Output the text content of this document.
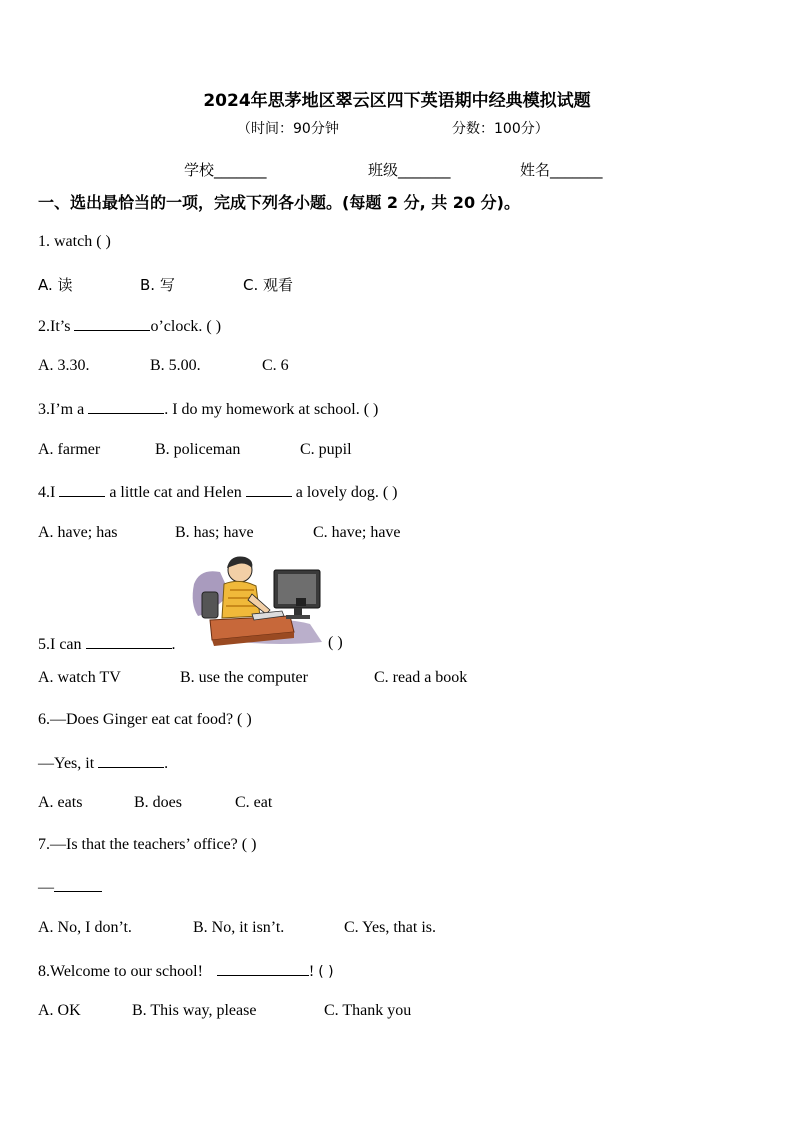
2024年思茅地区翠云区四下英语期中经典模拟试题
（时间：90分钟	分数：100分）
学校_______	班级_______	姓名_______
一、选出最恰当的一项，完成下列各小题。(每题 2 分, 共 20 分)。
1. watch ( )
A. 读	B. 写	C. 观看
2.It’s	o’clock. ( )
A. 3.30.	B. 5.00.	C. 6
3.I’m a	. I do my homework at school. ( )
A. farmer	B. policeman	C. pupil
4.I	a little cat and Helen	a lovely dog. ( )
A. have; has	B. has; have	C. have; have
5.I can	.	( )
A. watch TV	B. use the computer	C. read a book
6.—Does Ginger eat cat food? ( )
—Yes, it	.
A. eats	B. does	C. eat
7.—Is that the teachers’ office? ( )
—
A. No, I don’t.	B. No, it isn’t.	C. Yes, that is.
8.Welcome to our school!	! ( )
A. OK	B. This way, please	C. Thank you
